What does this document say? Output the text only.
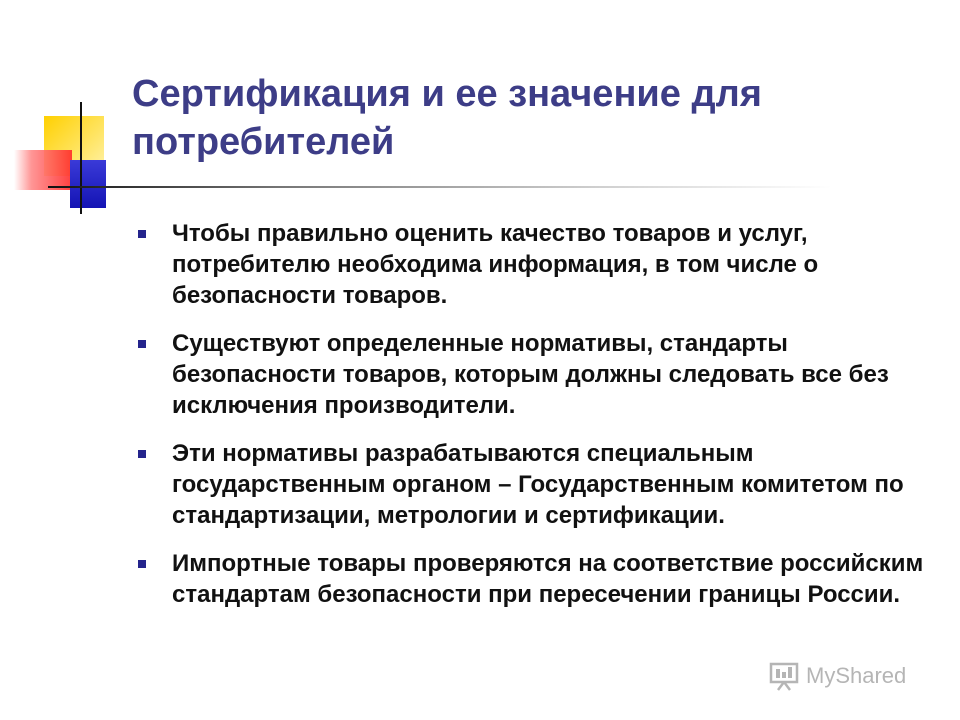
Сертификация и ее значение для потребителей
Чтобы правильно оценить качество товаров и услуг, потребителю необходима информация, в том числе о безопасности товаров.
Существуют определенные нормативы, стандарты безопасности товаров, которым должны следовать все без исключения производители.
Эти нормативы разрабатываются специальным государственным органом – Государственным комитетом по стандартизации, метрологии и сертификации.
Импортные товары проверяются на соответствие российским стандартам безопасности при пересечении границы России.
MyShared
